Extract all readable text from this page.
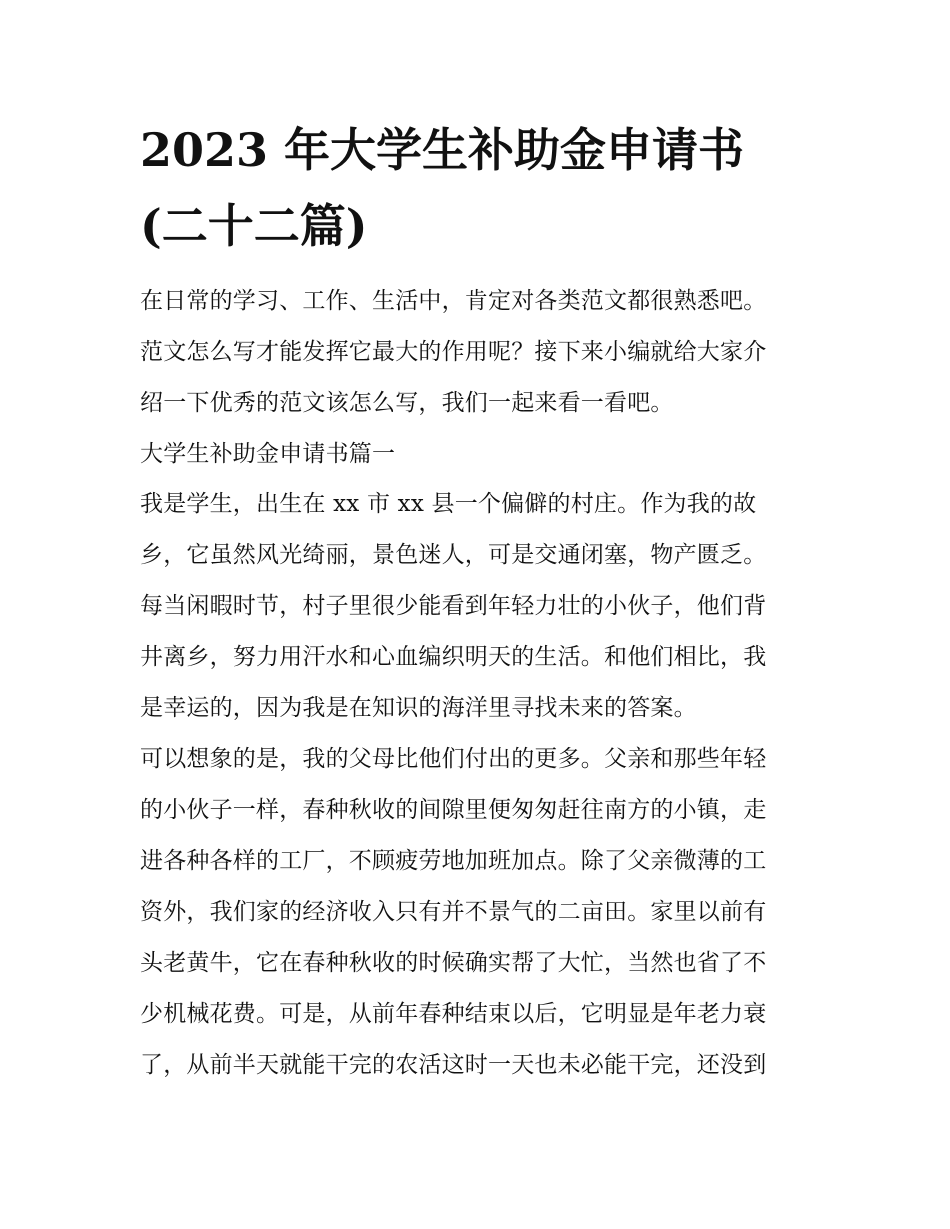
2023 年大学生补助金申请书
(二十二篇)
在日常的学习、工作、生活中，肯定对各类范文都很熟悉吧。
范文怎么写才能发挥它最大的作用呢？接下来小编就给大家介
绍一下优秀的范文该怎么写，我们一起来看一看吧。
大学生补助金申请书篇一
我是学生，出生在 xx 市 xx 县一个偏僻的村庄。作为我的故
乡，它虽然风光绮丽，景色迷人，可是交通闭塞，物产匮乏。
每当闲暇时节，村子里很少能看到年轻力壮的小伙子，他们背
井离乡，努力用汗水和心血编织明天的生活。和他们相比，我
是幸运的，因为我是在知识的海洋里寻找未来的答案。
可以想象的是，我的父母比他们付出的更多。父亲和那些年轻
的小伙子一样，春种秋收的间隙里便匆匆赶往南方的小镇，走
进各种各样的工厂，不顾疲劳地加班加点。除了父亲微薄的工
资外，我们家的经济收入只有并不景气的二亩田。家里以前有
头老黄牛，它在春种秋收的时候确实帮了大忙，当然也省了不
少机械花费。可是，从前年春种结束以后，它明显是年老力衰
了，从前半天就能干完的农活这时一天也未必能干完，还没到
